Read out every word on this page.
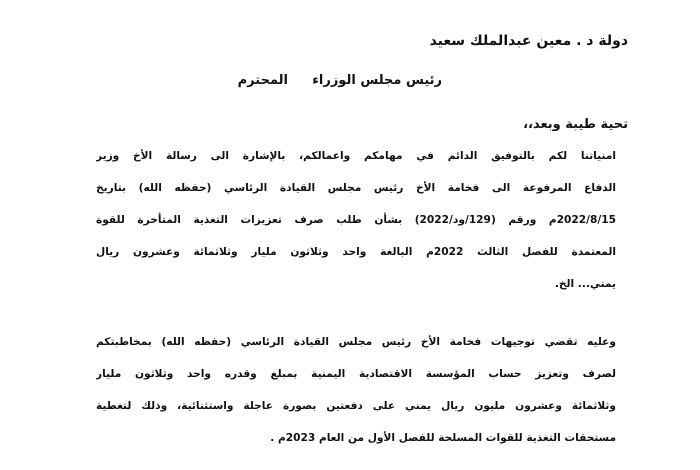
دولة د . معين عبدالملك سعيد
رئيس مجلس الوزراء
المحترم
تحية طيبة وبعد،،
امنياتنا لكم بالتوفيق الدائم في مهامكم واعمالكم، بالإشارة الى رسالة الأخ وزير
الدفاع المرفوعة الى فخامة الأخ رئيس مجلس القيادة الرئاسي (حفظه الله) بتاريخ
2022/8/15م ورقم (129/ود/2022) بشأن طلب صرف تعزيزات التغذية المتأخرة للقوة
المعتمدة للفصل الثالث 2022م البالغة واحد وثلاثون مليار وثلاثمائة وعشرون ريال
يمني... الخ.
وعليه تقضي توجيهات فخامة الأخ رئيس مجلس القيادة الرئاسي (حفظه الله) بمخاطبتكم
لصرف وتعزيز حساب المؤسسة الاقتصادية اليمنية بمبلغ وقدره واحد وثلاثون مليار
وثلاثمائة وعشرون مليون ريال يمني على دفعتين بصورة عاجلة واستثنائية، وذلك لتغطية
مستحقات التغذية للقوات المسلحة للفصل الأول من العام 2023م .
